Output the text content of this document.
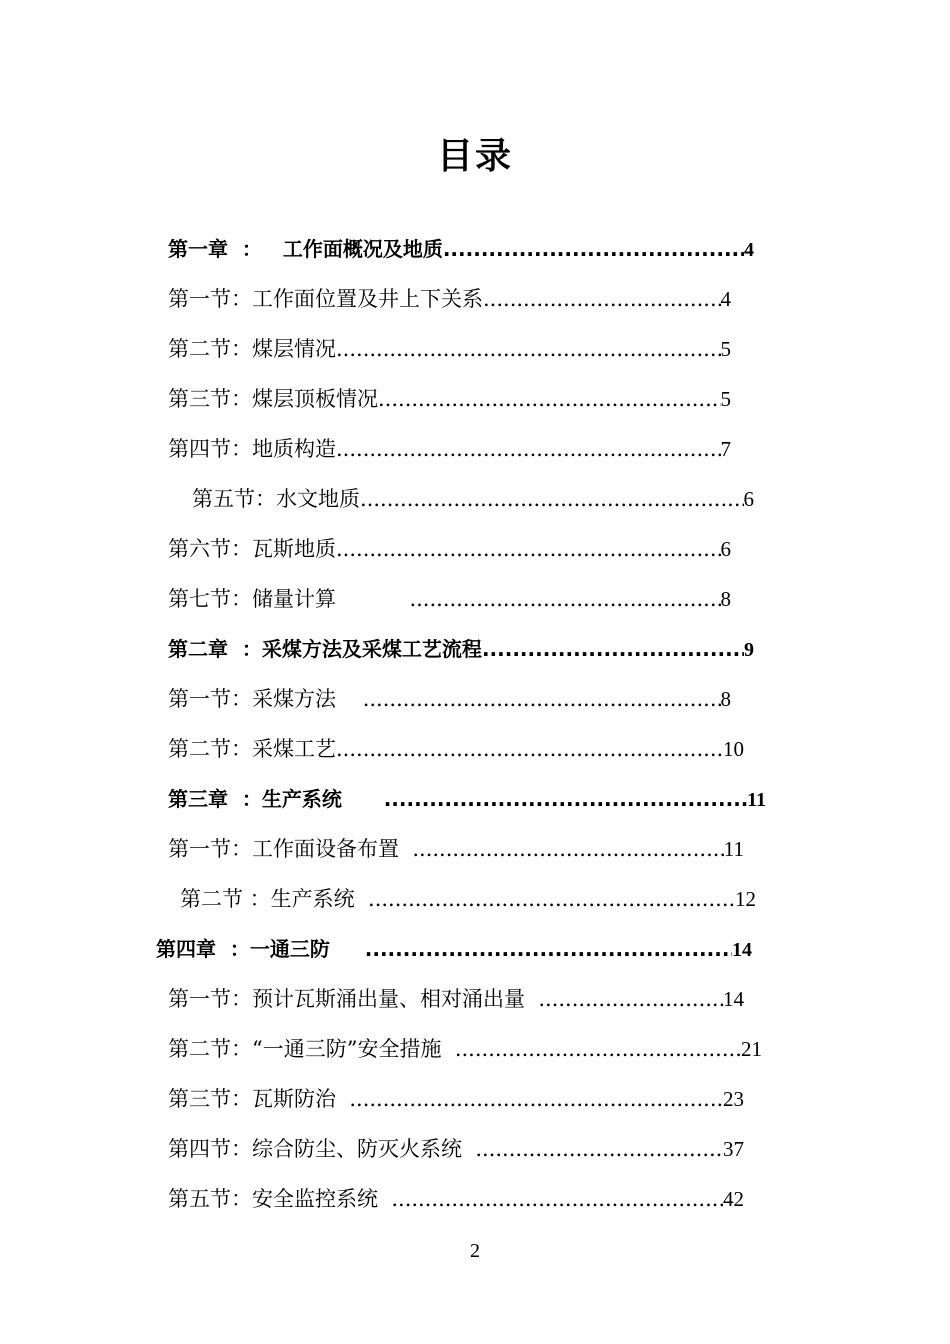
目录
第一章  ：   工作面概况及地质 .....	4
第一节：工作面位置及井上下关系 .....	4
第二节：煤层情况 .....	5
第三节：煤层顶板情况 .....	5
第四节：地质构造 .....	7
第五节：水文地质 .....	6
第六节：瓦斯地质 .....	6
第七节：储量计算 .....	8
第二章  ：采煤方法及采煤工艺流程 .....	9
第一节：采煤方法 .....	8
第二节：采煤工艺 .....	10
第三章  ：生产系统 .....	11
第一节：工作面设备布置 .....	11
第二节 ：生产系统 .....	12
第四章  ：一通三防 .....	14
第一节：预计瓦斯涌出量、相对涌出量 .....	14
第二节：“一通三防”安全措施 .....	21
第三节：瓦斯防治 .....	23
第四节：综合防尘、防灭火系统 .....	37
第五节：安全监控系统 .....	42
2
